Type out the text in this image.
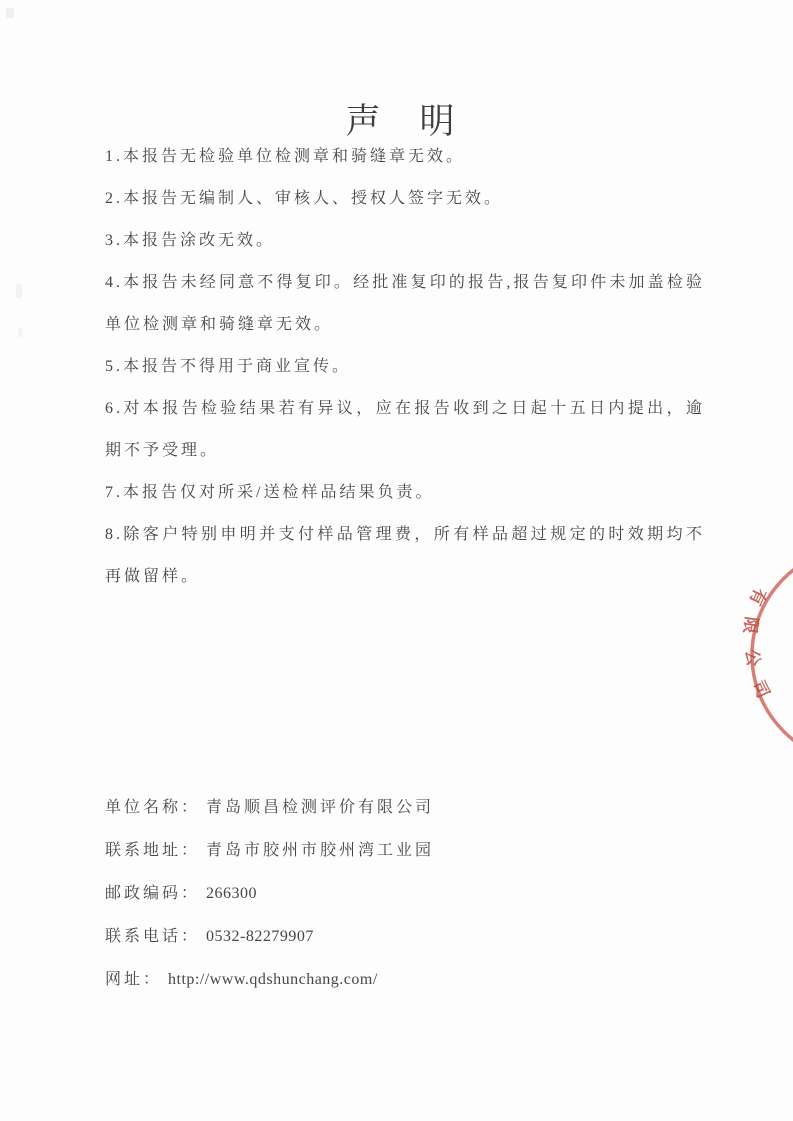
声　明

1.本报告无检验单位检测章和骑缝章无效。

2.本报告无编制人、审核人、授权人签字无效。

3.本报告涂改无效。

4.本报告未经同意不得复印。经批准复印的报告,报告复印件未加盖检验单位检测章和骑缝章无效。

5.本报告不得用于商业宣传。

6.对本报告检验结果若有异议，应在报告收到之日起十五日内提出，逾期不予受理。

7.本报告仅对所采/送检样品结果负责。

8.除客户特别申明并支付样品管理费，所有样品超过规定的时效期均不再做留样。

单位名称： 青岛顺昌检测评价有限公司
联系地址： 青岛市胶州市胶州湾工业园
邮政编码： 266300
联系电话： 0532-82279907
网址： http://www.qdshunchang.com/
有
限
公
司
